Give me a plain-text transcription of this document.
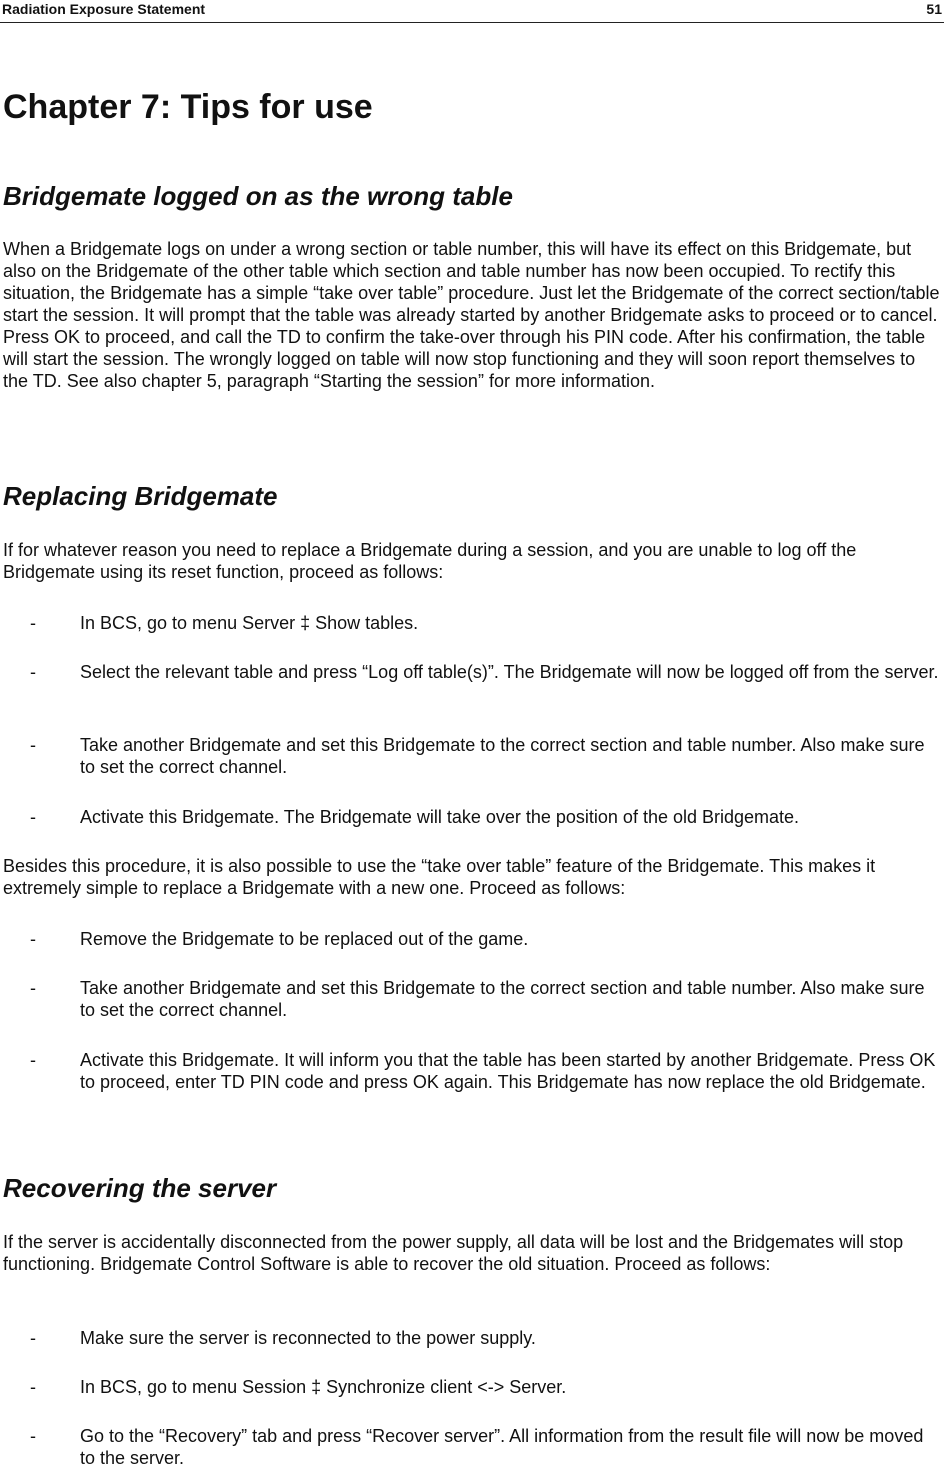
Radiation Exposure Statement	51
Chapter 7: Tips for use
Bridgemate logged on as the wrong table

When a Bridgemate logs on under a wrong section or table number, this will have its effect on this Bridgemate, but also on the Bridgemate of the other table which section and table number has now been occupied. To rectify this situation, the Bridgemate has a simple “take over table” procedure. Just let the Bridgemate of the correct section/table start the session. It will prompt that the table was already started by another Bridgemate asks to proceed or to cancel. Press OK to proceed, and call the TD to confirm the take-over through his PIN code. After his confirmation, the table will start the session. The wrongly logged on table will now stop functioning and they will soon report themselves to the TD. See also chapter 5, paragraph “Starting the session” for more information.

Replacing Bridgemate

If for whatever reason you need to replace a Bridgemate during a session, and you are unable to log off the Bridgemate using its reset function, proceed as follows:

- In BCS, go to menu Server ‡ Show tables.
- Select the relevant table and press “Log off table(s)”. The Bridgemate will now be logged off from the server.
- Take another Bridgemate and set this Bridgemate to the correct section and table number. Also make sure to set the correct channel.
- Activate this Bridgemate. The Bridgemate will take over the position of the old Bridgemate.

Besides this procedure, it is also possible to use the “take over table” feature of the Bridgemate. This makes it extremely simple to replace a Bridgemate with a new one. Proceed as follows:

- Remove the Bridgemate to be replaced out of the game.
- Take another Bridgemate and set this Bridgemate to the correct section and table number. Also make sure to set the correct channel.
- Activate this Bridgemate. It will inform you that the table has been started by another Bridgemate. Press OK to proceed, enter TD PIN code and press OK again. This Bridgemate has now replace the old Bridgemate.
Recovering the server

If the server is accidentally disconnected from the power supply, all data will be lost and the Bridgemates will stop functioning. Bridgemate Control Software is able to recover the old situation. Proceed as follows:

- Make sure the server is reconnected to the power supply.
- In BCS, go to menu Session ‡ Synchronize client <-> Server.
- Go to the “Recovery” tab and press “Recover server”. All information from the result file will now be moved to the server.
